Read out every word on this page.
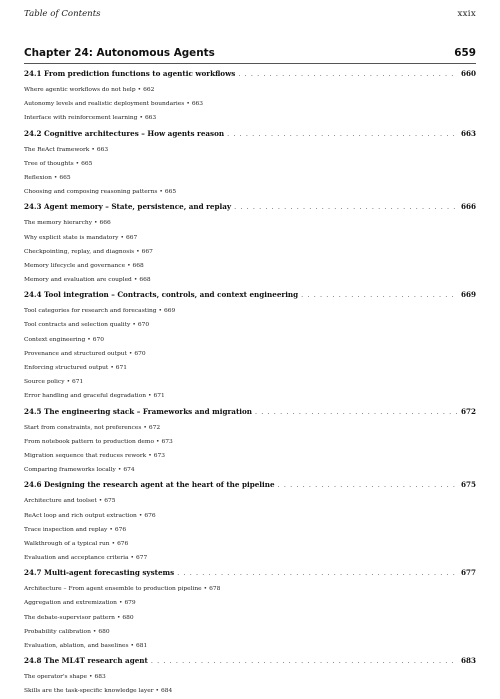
Table of Contents	xxix
Chapter 24: Autonomous Agents	659
24.1 From prediction functions to agentic workflows . . .	660
Where agentic workflows do not help • 662
Autonomy levels and realistic deployment boundaries • 663
Interface with reinforcement learning • 663
24.2 Cognitive architectures – How agents reason . . .	663
The ReAct framework • 663
Tree of thoughts • 665
Reflexion • 665
Choosing and composing reasoning patterns • 665
24.3 Agent memory – State, persistence, and replay . . .	666
The memory hierarchy • 666
Why explicit state is mandatory • 667
Checkpointing, replay, and diagnosis • 667
Memory lifecycle and governance • 668
Memory and evaluation are coupled • 668
24.4 Tool integration – Contracts, controls, and context engineering . . .	669
Tool categories for research and forecasting • 669
Tool contracts and selection quality • 670
Context engineering • 670
Provenance and structured output • 670
Enforcing structured output • 671
Source policy • 671
Error handling and graceful degradation • 671
24.5 The engineering stack – Frameworks and migration . . .	672
Start from constraints, not preferences • 672
From notebook pattern to production demo • 673
Migration sequence that reduces rework • 673
Comparing frameworks locally • 674
24.6 Designing the research agent at the heart of the pipeline . . .	675
Architecture and toolset • 675
ReAct loop and rich output extraction • 676
Trace inspection and replay • 676
Walkthrough of a typical run • 676
Evaluation and acceptance criteria • 677
24.7 Multi-agent forecasting systems . . .	677
Architecture – From agent ensemble to production pipeline • 678
Aggregation and extremization • 679
The debate-supervisor pattern • 680
Probability calibration • 680
Evaluation, ablation, and baselines • 681
24.8 The ML4T research agent . . .	683
The operator's shape • 683
Skills are the task-specific knowledge layer • 684
